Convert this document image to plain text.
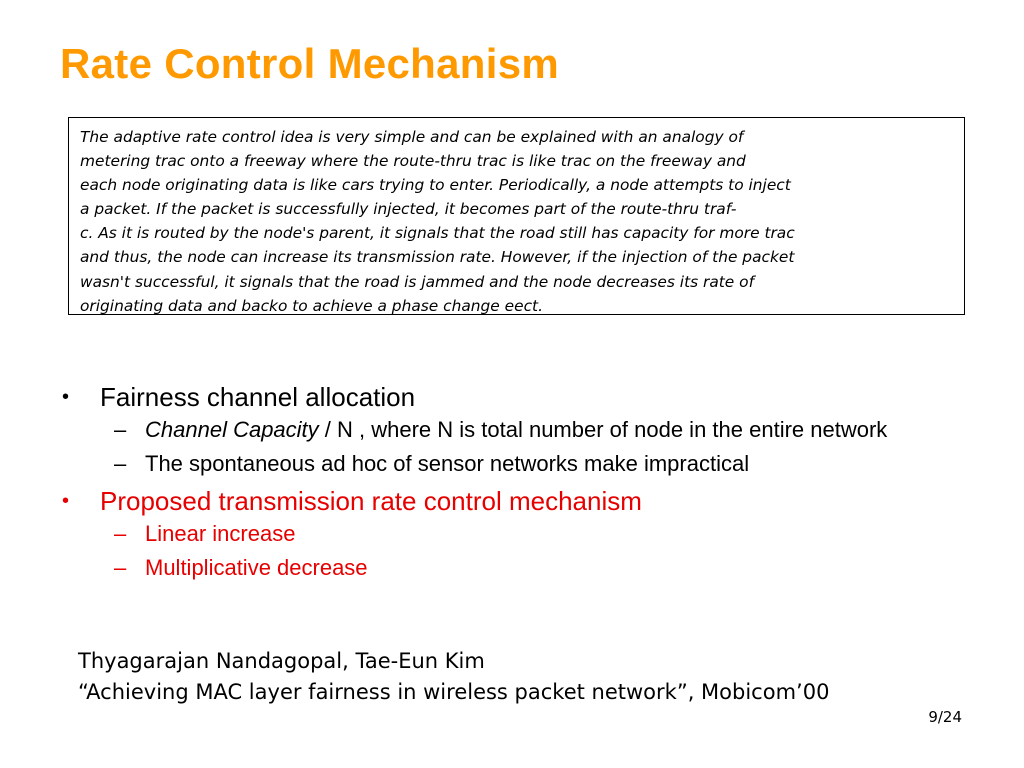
Rate Control Mechanism
The adaptive rate control idea is very simple and can be explained with an analogy of
metering trac onto a freeway where the route-thru trac is like trac on the freeway and
each node originating data is like cars trying to enter. Periodically, a node attempts to inject
a packet. If the packet is successfully injected, it becomes part of the route-thru traf-
c. As it is routed by the node's parent, it signals that the road still has capacity for more trac
and thus, the node can increase its transmission rate. However, if the injection of the packet
wasn't successful, it signals that the road is jammed and the node decreases its rate of
originating data and backo to achieve a phase change eect.
•	Fairness channel allocation
– Channel Capacity / N , where N is total number of node in the entire network
– The spontaneous ad hoc of sensor networks make impractical
•	Proposed transmission rate control mechanism
– Linear increase
– Multiplicative decrease
Thyagarajan Nandagopal, Tae-Eun Kim
“Achieving MAC layer fairness in wireless packet network”, Mobicom’00
9/24
